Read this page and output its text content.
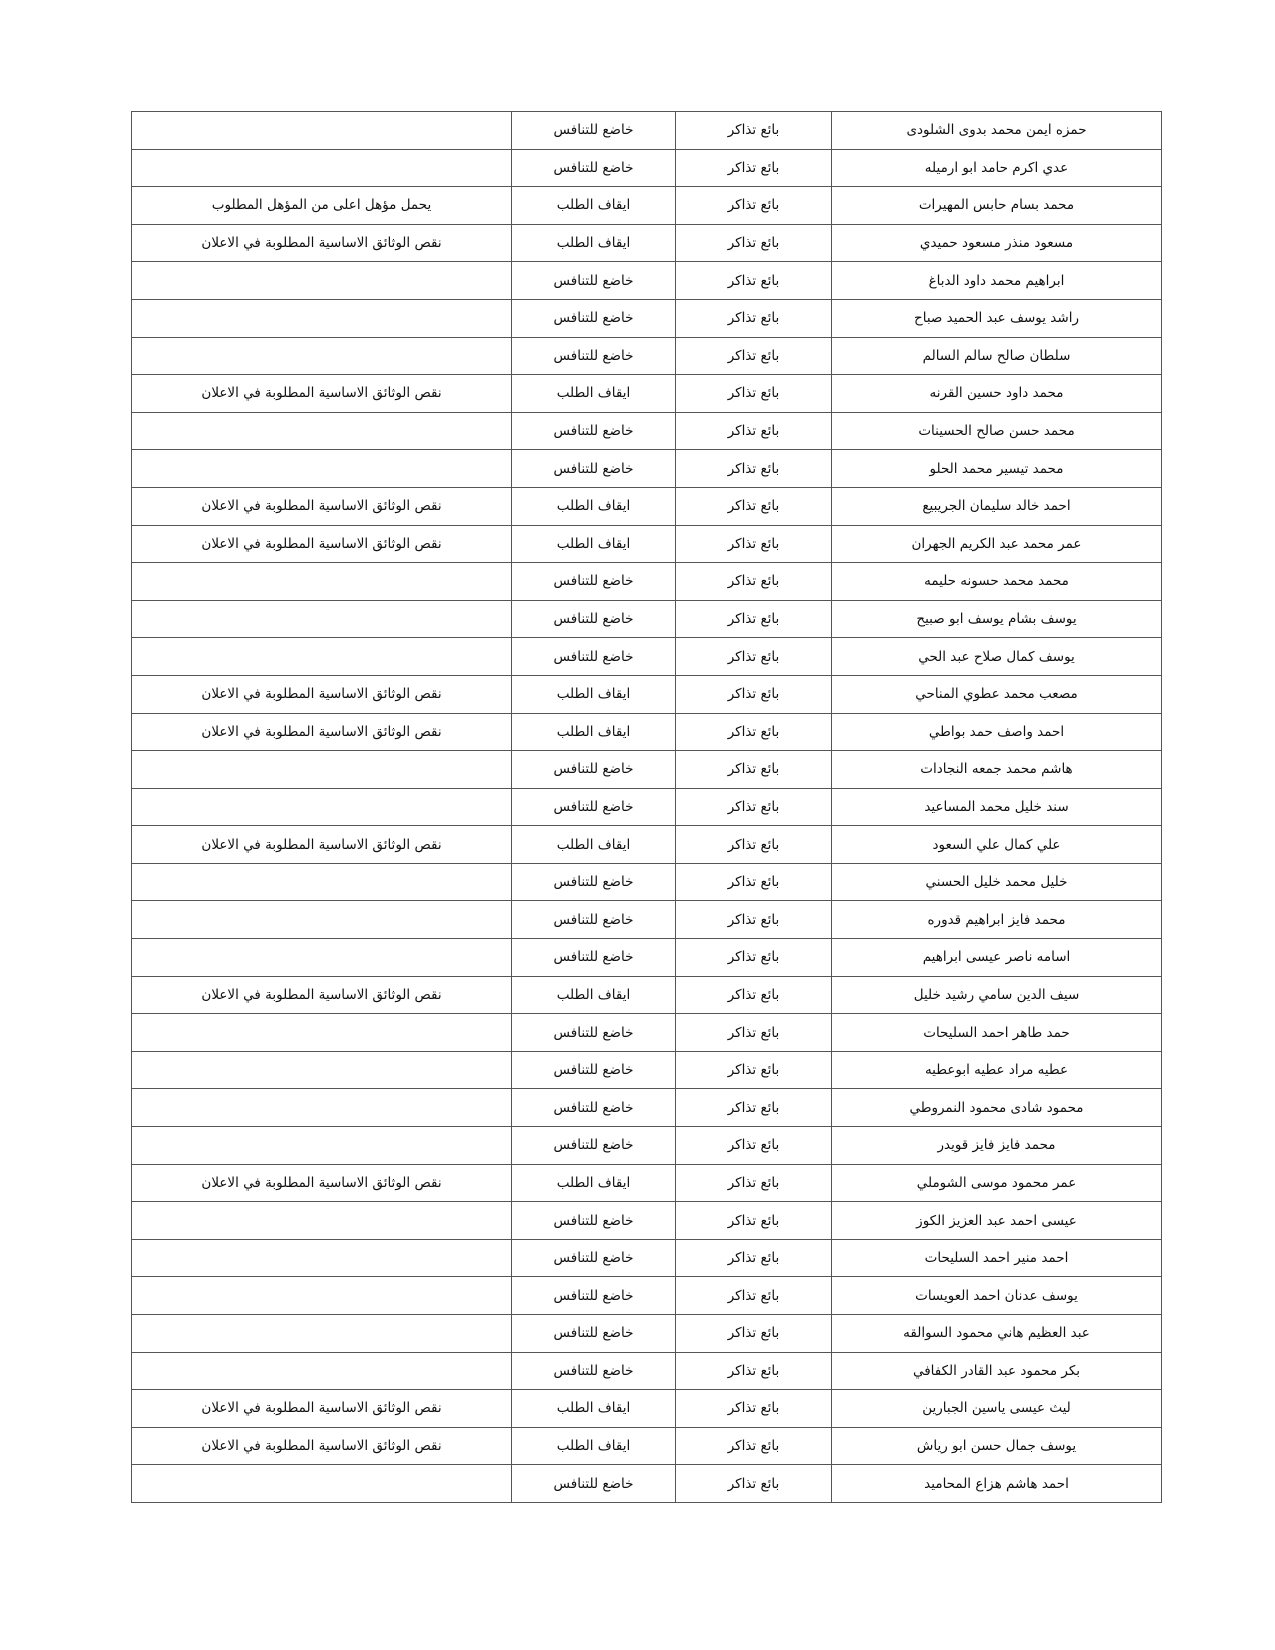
حمزه ايمن محمد بدوى الشلودى	بائع تذاكر	خاضع للتنافس	
عدي اكرم حامد ابو ارميله	بائع تذاكر	خاضع للتنافس	
محمد بسام حابس المهيرات	بائع تذاكر	ايقاف الطلب	يحمل مؤهل اعلى من المؤهل المطلوب
مسعود منذر مسعود حميدي	بائع تذاكر	ايقاف الطلب	نقص الوثائق الاساسية المطلوبة في الاعلان
ابراهيم محمد داود الدباغ	بائع تذاكر	خاضع للتنافس	
راشد يوسف عبد الحميد صباح	بائع تذاكر	خاضع للتنافس	
سلطان صالح سالم السالم	بائع تذاكر	خاضع للتنافس	
محمد داود حسين القرنه	بائع تذاكر	ايقاف الطلب	نقص الوثائق الاساسية المطلوبة في الاعلان
محمد حسن صالح الحسينات	بائع تذاكر	خاضع للتنافس	
محمد تيسير محمد الحلو	بائع تذاكر	خاضع للتنافس	
احمد خالد سليمان الجريبيع	بائع تذاكر	ايقاف الطلب	نقص الوثائق الاساسية المطلوبة في الاعلان
عمر محمد عبد الكريم الجهران	بائع تذاكر	ايقاف الطلب	نقص الوثائق الاساسية المطلوبة في الاعلان
محمد محمد حسونه حليمه	بائع تذاكر	خاضع للتنافس	
يوسف بشام يوسف ابو صبيح	بائع تذاكر	خاضع للتنافس	
يوسف كمال صلاح عبد الحي	بائع تذاكر	خاضع للتنافس	
مصعب محمد عطوي المناحي	بائع تذاكر	ايقاف الطلب	نقص الوثائق الاساسية المطلوبة في الاعلان
احمد واصف حمد بواطي	بائع تذاكر	ايقاف الطلب	نقص الوثائق الاساسية المطلوبة في الاعلان
هاشم محمد جمعه النجادات	بائع تذاكر	خاضع للتنافس	
سند خليل محمد المساعيد	بائع تذاكر	خاضع للتنافس	
علي كمال علي السعود	بائع تذاكر	ايقاف الطلب	نقص الوثائق الاساسية المطلوبة في الاعلان
خليل محمد خليل الحسني	بائع تذاكر	خاضع للتنافس	
محمد فايز ابراهيم قدوره	بائع تذاكر	خاضع للتنافس	
اسامه ناصر عيسى ابراهيم	بائع تذاكر	خاضع للتنافس	
سيف الدين سامي رشيد خليل	بائع تذاكر	ايقاف الطلب	نقص الوثائق الاساسية المطلوبة في الاعلان
حمد طاهر احمد السليحات	بائع تذاكر	خاضع للتنافس	
عطيه مراد عطيه ابوعطيه	بائع تذاكر	خاضع للتنافس	
محمود شادى محمود النمروطي	بائع تذاكر	خاضع للتنافس	
محمد فايز فايز قويدر	بائع تذاكر	خاضع للتنافس	
عمر محمود موسى الشوملي	بائع تذاكر	ايقاف الطلب	نقص الوثائق الاساسية المطلوبة في الاعلان
عيسى احمد عبد العزيز الكوز	بائع تذاكر	خاضع للتنافس	
احمد منير احمد السليحات	بائع تذاكر	خاضع للتنافس	
يوسف عدنان احمد العويسات	بائع تذاكر	خاضع للتنافس	
عبد العظيم هاني محمود السوالقه	بائع تذاكر	خاضع للتنافس	
بكر محمود عبد القادر الكفافي	بائع تذاكر	خاضع للتنافس	
ليث عيسى ياسين الجبارين	بائع تذاكر	ايقاف الطلب	نقص الوثائق الاساسية المطلوبة في الاعلان
يوسف جمال حسن ابو رياش	بائع تذاكر	ايقاف الطلب	نقص الوثائق الاساسية المطلوبة في الاعلان
احمد هاشم هزاع المحاميد	بائع تذاكر	خاضع للتنافس	
